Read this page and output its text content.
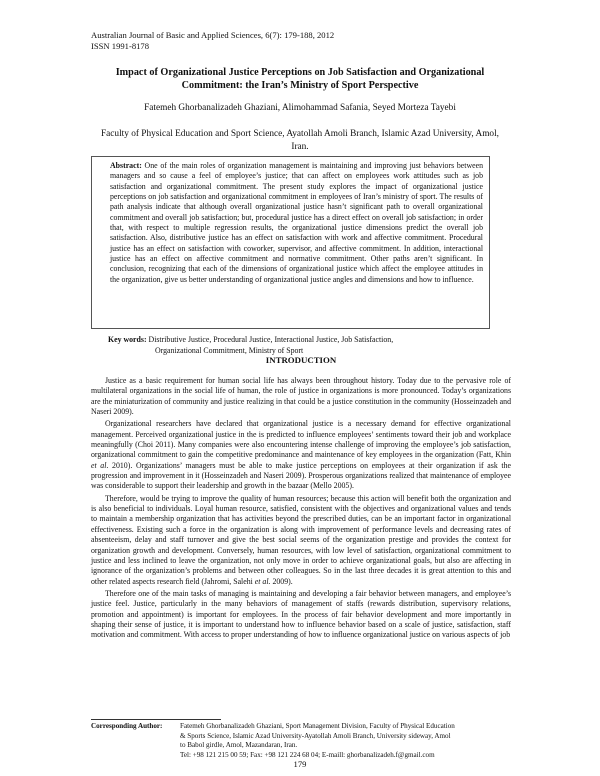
Australian Journal of Basic and Applied Sciences, 6(7): 179-188, 2012
ISSN 1991-8178
Impact of Organizational Justice Perceptions on Job Satisfaction and Organizational
Commitment: the Iran’s Ministry of Sport Perspective
Fatemeh Ghorbanalizadeh Ghaziani, Alimohammad Safania, Seyed Morteza Tayebi
Faculty of Physical Education and Sport Science, Ayatollah Amoli Branch, Islamic Azad University, Amol, Iran.

Abstract: One of the main roles of organization management is maintaining and improving just behaviors between managers and so cause a feel of employee’s justice; that can affect on employees work attitudes such as job satisfaction and organizational commitment. The present study explores the impact of organizational justice perceptions on job satisfaction and organizational commitment in employees of Iran’s ministry of sport. The results of path analysis indicate that although overall organizational justice hasn’t significant path to overall organizational commitment and overall job satisfaction; but, procedural justice has a direct effect on overall job satisfaction; in order that, with respect to multiple regression results, the organizational justice dimensions predict the overall job satisfaction. Also, distributive justice has an effect on satisfaction with work and affective commitment. Procedural justice has an effect on satisfaction with coworker, supervisor, and affective commitment. In addition, interactional justice has an effect on affective commitment and normative commitment. Other paths aren’t significant. In conclusion, recognizing that each of the dimensions of organizational justice which affect the employee attitudes in the organization, give us better understanding of organizational justice angles and dimensions and how to influence.

Key words: Distributive Justice, Procedural Justice, Interactional Justice, Job Satisfaction,
Organizational Commitment, Ministry of Sport
INTRODUCTION

Justice as a basic requirement for human social life has always been throughout history. Today due to the pervasive role of multilateral organizations in the social life of human, the role of justice in organizations is more pronounced. Today’s organizations are the miniaturization of community and justice realizing in that could be a justice constitution in the community (Hosseinzadeh and Naseri 2009).

Organizational researchers have declared that organizational justice is a necessary demand for effective organizational management. Perceived organizational justice in the is predicted to influence employees’ sentiments toward their job and workplace meaningfully (Choi 2011). Many companies were also encountering intense challenge of improving the employee’s job satisfaction, organizational commitment to gain the competitive predominance and maintenance of key employees in the organization (Fatt, Khin et al. 2010). Organizations’ managers must be able to make justice perceptions on employees at their organization if ask the progression and improvement in it (Hosseinzadeh and Naseri 2009). Prosperous organizations realized that maintenance of employee was considerable to support their leadership and growth in the bazaar (Mello 2005).

Therefore, would be trying to improve the quality of human resources; because this action will benefit both the organization and is also beneficial to individuals. Loyal human resource, satisfied, consistent with the objectives and organizational values and tends to maintain a membership organization that has activities beyond the prescribed duties, can be an important factor in organizational effectiveness. Existing such a force in the organization is along with improvement of performance levels and decreasing rates of absenteeism, delay and staff turnover and give the best social seems of the organization prestige and provides the context for organization growth and development. Conversely, human resources, with low level of satisfaction, organizational commitment to justice and less inclined to leave the organization, not only move in order to achieve organizational goals, but also are affecting in ignorance of the organization’s problems and between other colleagues. So in the last three decades it is great attention to this and other related aspects research field (Jahromi, Salehi et al. 2009).

Therefore one of the main tasks of managing is maintaining and developing a fair behavior between managers, and employee’s justice feel. Justice, particularly in the many behaviors of management of staffs (rewards distribution, supervisory relations, promotion and appointment) is important for employees. In the process of fair behavior development and more importantly in shaping their sense of justice, it is important to understand how to influence behavior based on a scale of justice, satisfaction, staff motivation and commitment. With access to proper understanding of how to influence organizational justice on various aspects of job

Corresponding Author:	Fatemeh Ghorbanalizadeh Ghaziani, Sport Management Division, Faculty of Physical Education
& Sports Science, Islamic Azad University-Ayatollah Amoli Branch, University sideway, Amol
to Babol girdle, Amol, Mazandaran, Iran.
Tel: +98 121 215 00 59; Fax: +98 121 224 68 04; E-maill: ghorbanalizadeh.f@gmail.com
179
